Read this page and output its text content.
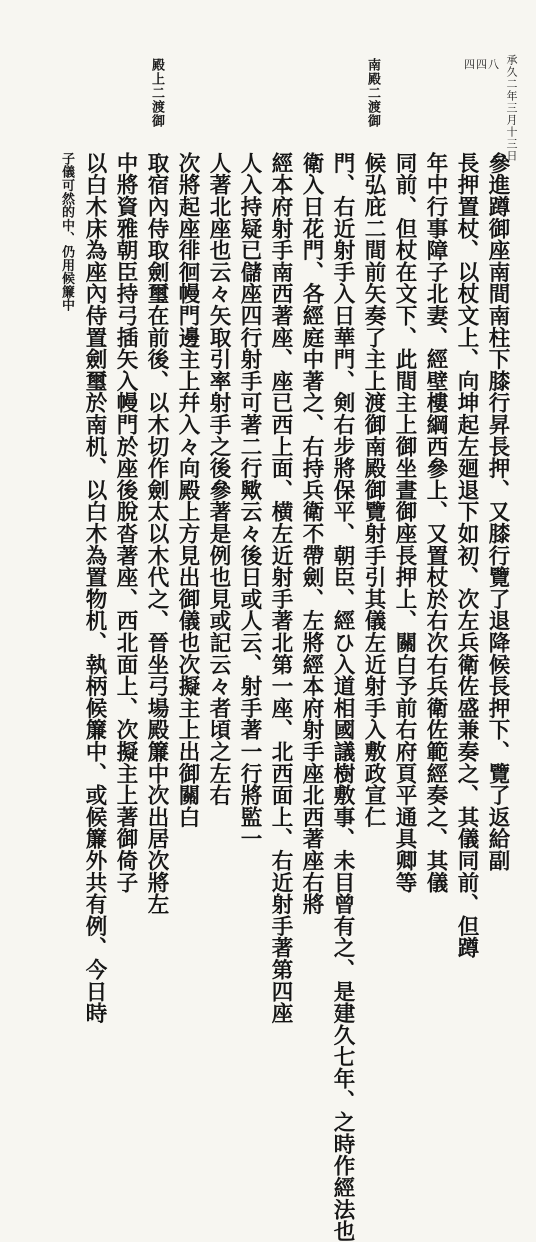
承久二年三月十三日
四四八
南殿二渡御
殿上二渡御
參進蹲御座南間南柱下膝行昇長押、又膝行覽了退降候長押下、覽了返給副
長押置杖、以杖文上、向坤起左廻退下如初、次左兵衛佐盛兼奏之、其儀同前、但蹲
年中行事障子北妻、經壁樓綱西參上、又置杖於右次右兵衛佐範經奏之、其儀
同前、但杖在文下、此間主上御坐晝御座長押上、關白予前右府頁平通具卿等
候弘庇二間前矢奏了主上渡御南殿御覽射手引其儀左近射手入敷政宣仁
門、右近射手入日華門、剣右步將保平、朝臣、經ひ入道相國議樹敷事、未目曾有之、是建久七年、之時作經法也
衛入日花門、各經庭中著之、右持兵衛不帶劍、左將經本府射手座北西著座右將
經本府射手南西著座、座已西上面、横左近射手著北第一座、北西面上、右近射手著第四座
人入持疑已儲座四行射手可著二行歟云々後日或人云、射手著一行將監一
人著北座也云々矢取引率射手之後參著是例也見或記云々者頃之左右
次將起座徘徊幔門邊主上幷入々向殿上方見出御儀也次擬主上出御關白
取宿內侍取劍璽在前後、以木切作劍太以木代之、晉坐弓場殿簾中次出居次將左
中將資雅朝臣持弓插矢入幔門於座後脫沓著座、西北面上、次擬主上著御倚子
以白木床為座內侍置劍璽於南机、以白木為置物机、執柄候簾中、或候簾外共有例、今日時
子儀可然的中、仍用候簾中
